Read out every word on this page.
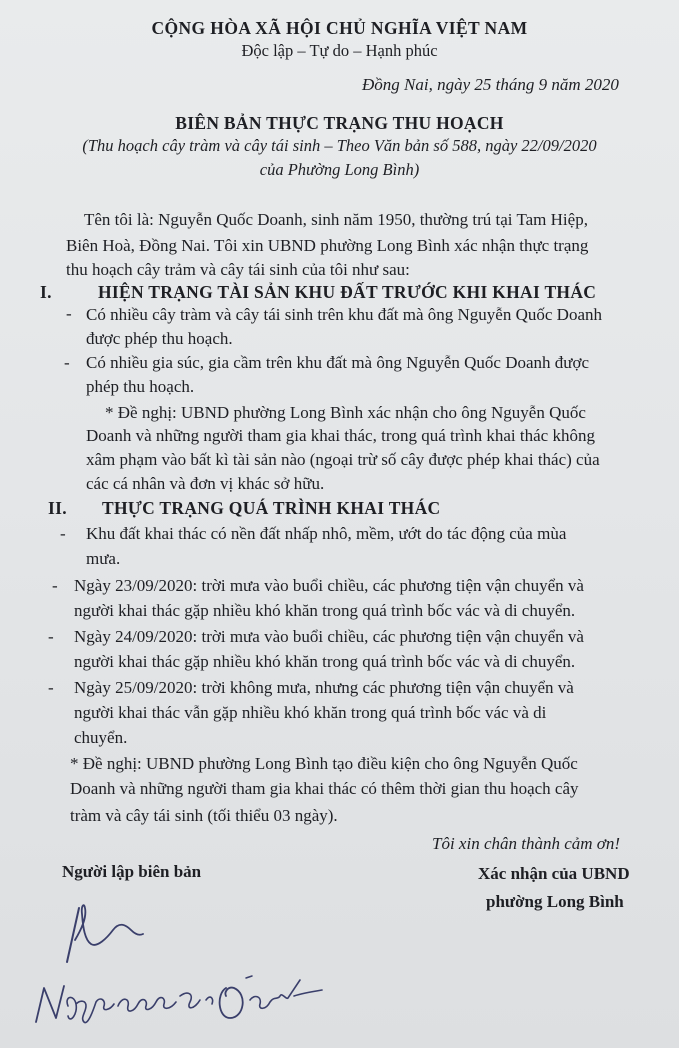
CỘNG HÒA XÃ HỘI CHỦ NGHĨA VIỆT NAM
Độc lập – Tự do – Hạnh phúc
Đồng Nai, ngày 25 tháng 9 năm 2020
BIÊN BẢN THỰC TRẠNG THU HOẠCH
(Thu hoạch cây tràm và cây tái sinh – Theo Văn bản số 588, ngày 22/09/2020
của Phường Long Bình)
Tên tôi là: Nguyễn Quốc Doanh, sinh năm 1950, thường trú tại Tam Hiệp,
Biên Hoà, Đồng Nai. Tôi xin UBND phường Long Bình xác nhận thực trạng
thu hoạch cây trảm và cây tái sinh của tôi như sau:
I.	HIỆN TRẠNG TÀI SẢN KHU ĐẤT TRƯỚC KHI KHAI THÁC
- Có nhiều cây tràm và cây tái sinh trên khu đất mà ông Nguyễn Quốc Doanh
được phép thu hoạch.
- Có nhiều gia súc, gia cầm trên khu đất mà ông Nguyễn Quốc Doanh được
phép thu hoạch.
* Đề nghị: UBND phường Long Bình xác nhận cho ông Nguyễn Quốc
Doanh và những người tham gia khai thác, trong quá trình khai thác không
xâm phạm vào bất kì tài sản nào (ngoại trừ số cây được phép khai thác) của
các cá nhân và đơn vị khác sở hữu.
II. THỰC TRẠNG QUÁ TRÌNH KHAI THÁC
- Khu đất khai thác có nền đất nhấp nhô, mềm, ướt do tác động của mùa
mưa.
- Ngày 23/09/2020: trời mưa vào buổi chiều, các phương tiện vận chuyển và
người khai thác gặp nhiều khó khăn trong quá trình bốc vác và di chuyển.
- Ngày 24/09/2020: trời mưa vào buổi chiều, các phương tiện vận chuyển và
người khai thác gặp nhiều khó khăn trong quá trình bốc vác và di chuyển.
- Ngày 25/09/2020: trời không mưa, nhưng các phương tiện vận chuyển và
người khai thác vẫn gặp nhiều khó khăn trong quá trình bốc vác và di
chuyển.
* Đề nghị: UBND phường Long Bình tạo điều kiện cho ông Nguyễn Quốc
Doanh và những người tham gia khai thác có thêm thời gian thu hoạch cây
tràm và cây tái sinh (tối thiểu 03 ngày).
Tôi xin chân thành cảm ơn!
Người lập biên bản	Xác nhận của UBND
phường Long Bình
